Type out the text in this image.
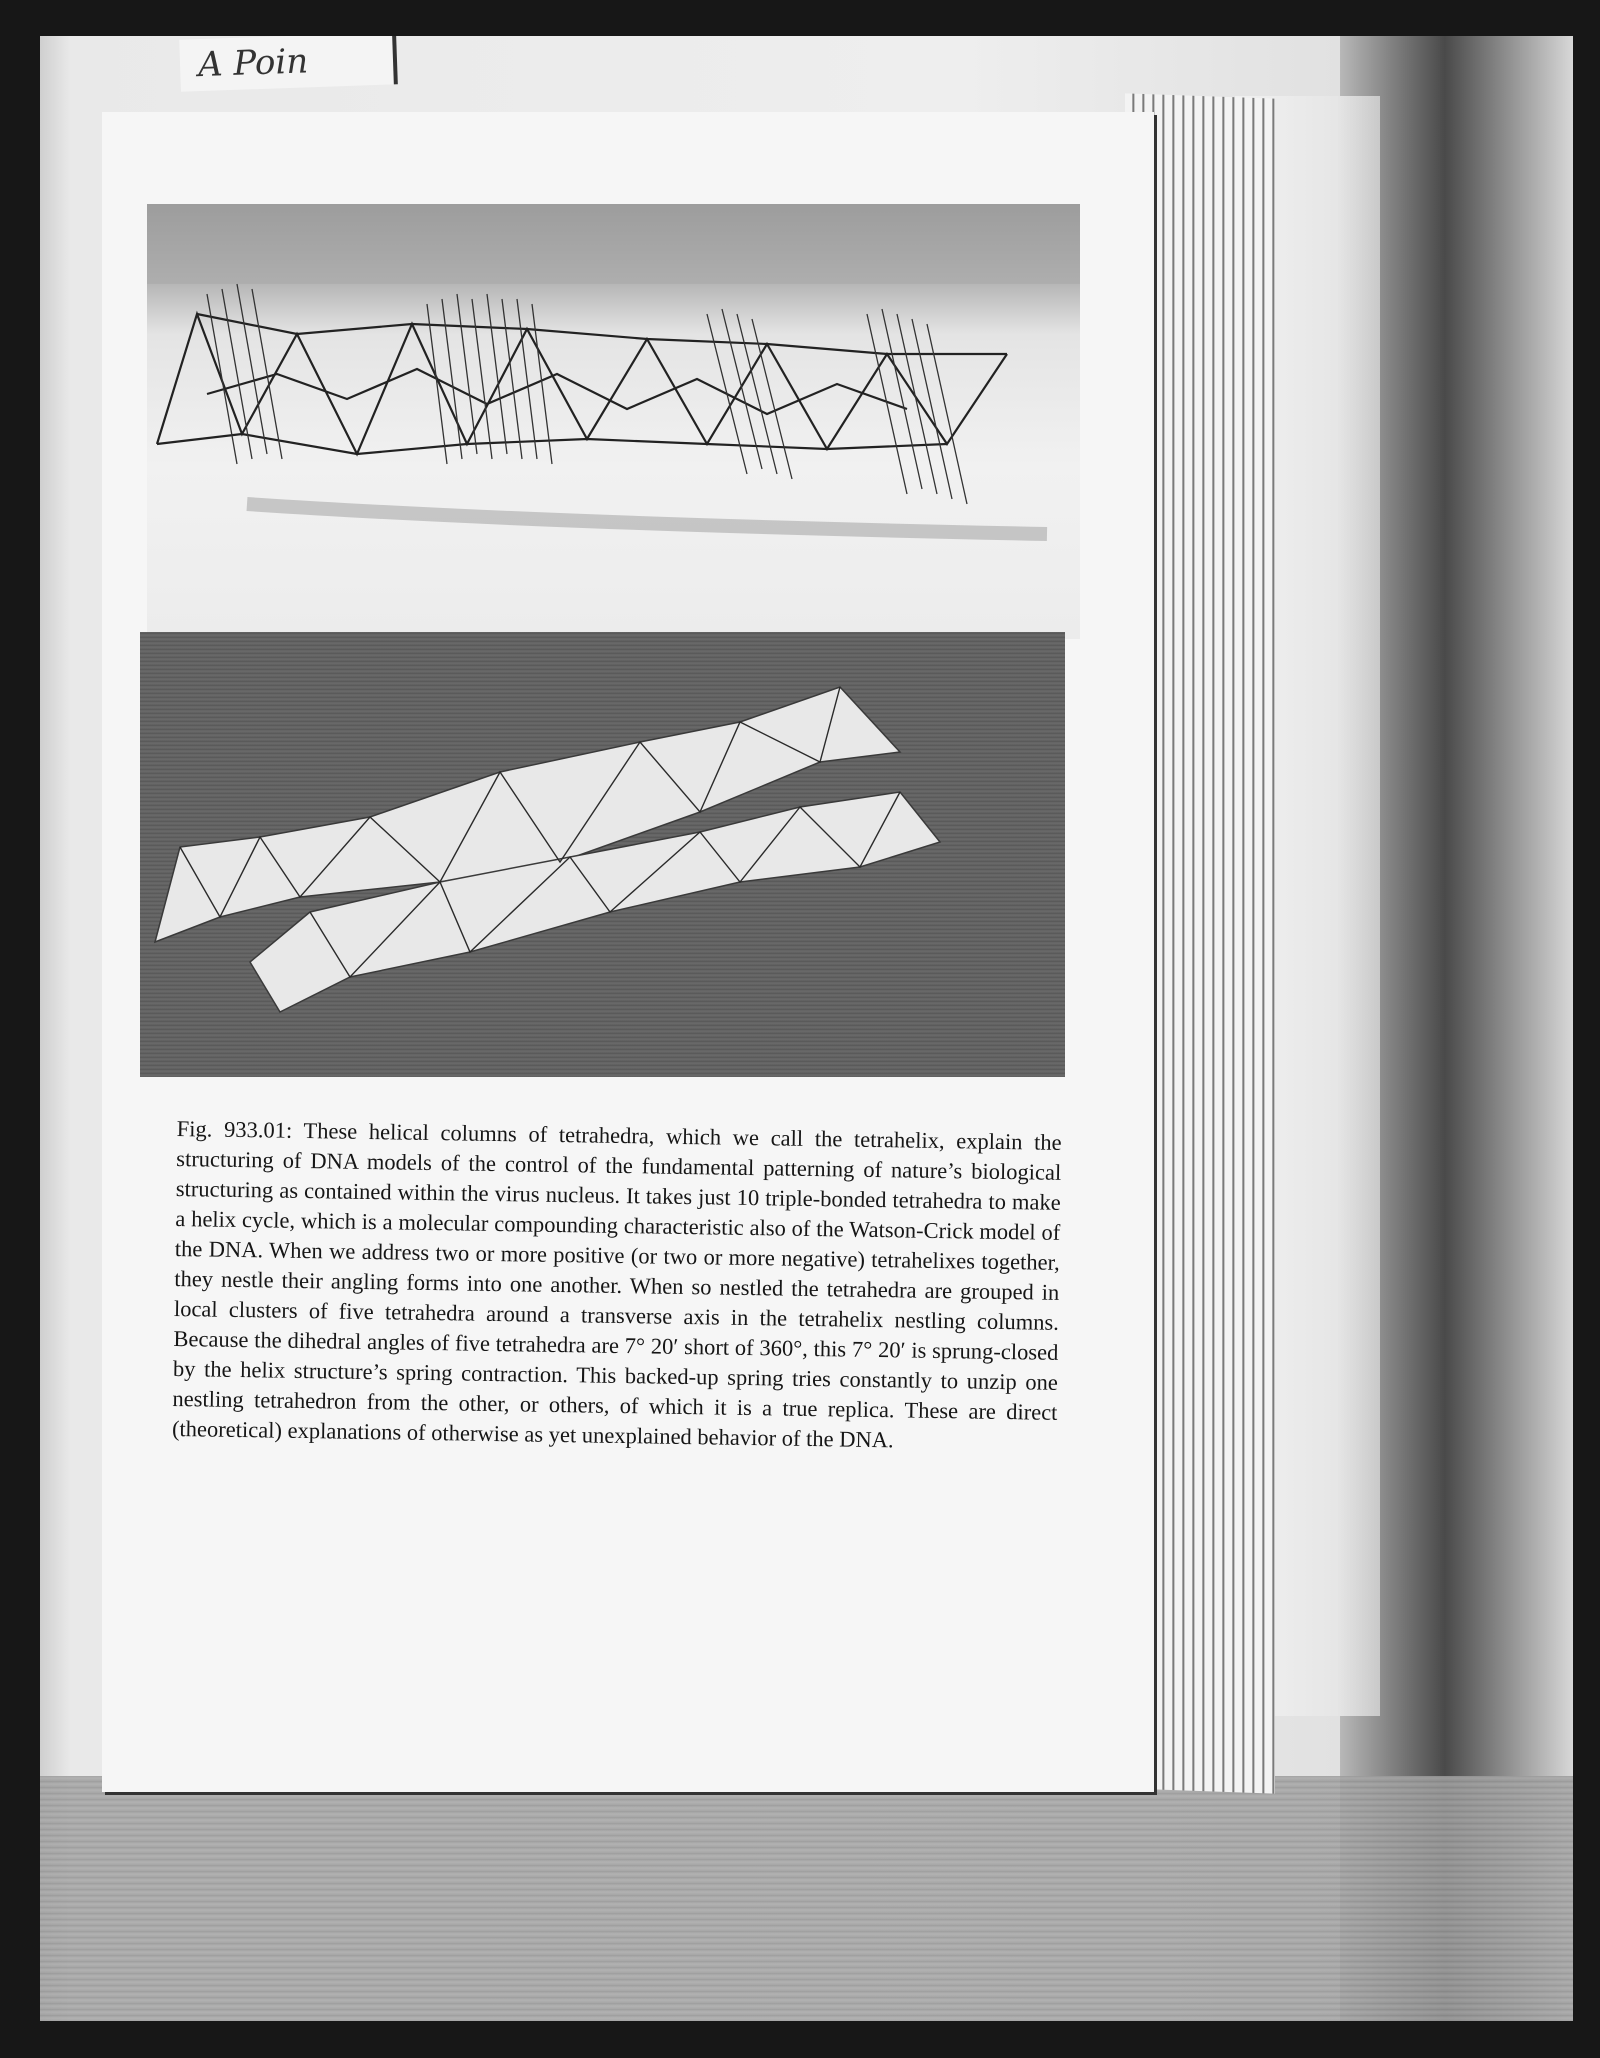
A Poin

Fig. 933.01: These helical columns of tetrahedra, which we call the tetrahelix, explain the structuring of DNA models of the control of the fundamental patterning of nature’s biological structuring as contained within the virus nucleus. It takes just 10 triple-bonded tetrahedra to make a helix cycle, which is a molecular compounding characteristic also of the Watson-Crick model of the DNA. When we address two or more positive (or two or more negative) tetrahelixes together, they nestle their angling forms into one another. When so nestled the tetrahedra are grouped in local clusters of five tetrahedra around a transverse axis in the tetrahelix nestling columns. Because the dihedral angles of five tetrahedra are 7° 20′ short of 360°, this 7° 20′ is sprung-closed by the helix structure’s spring contraction. This backed-up spring tries constantly to unzip one nestling tetrahedron from the other, or others, of which it is a true replica. These are direct (theoretical) explanations of otherwise as yet unexplained behavior of the DNA.
